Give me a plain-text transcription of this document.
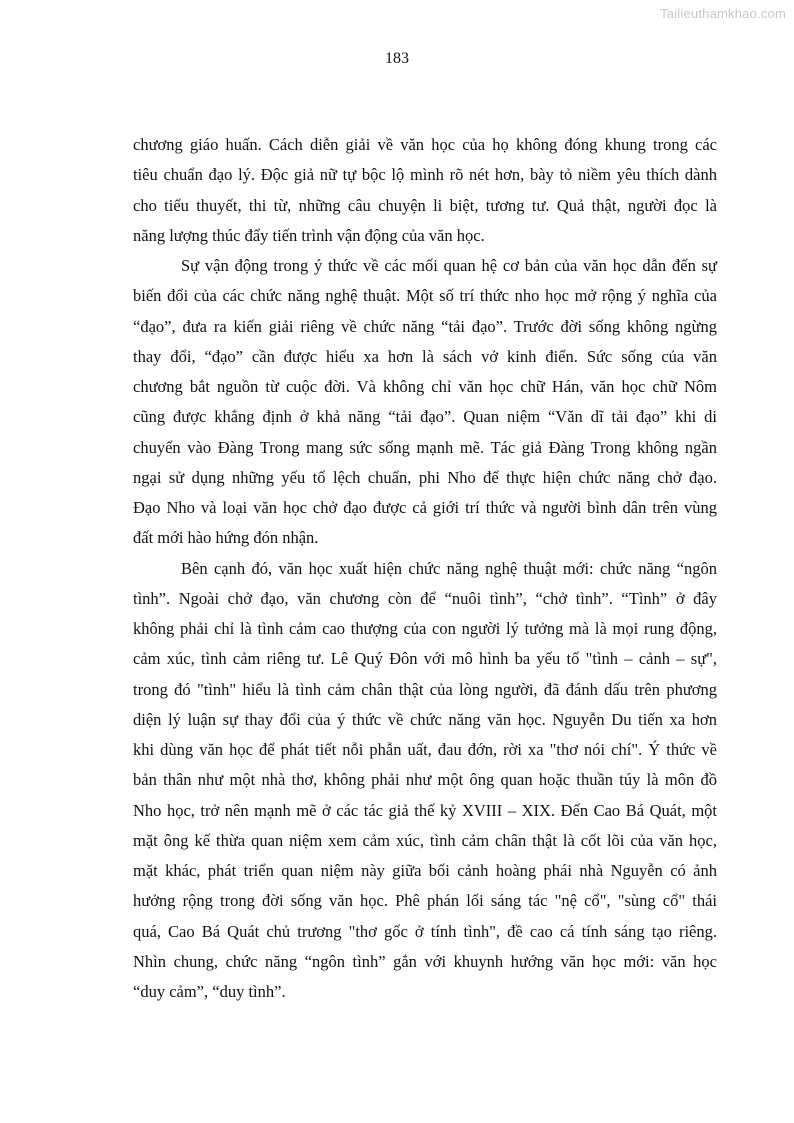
Tailieuthamkhao.com
183
chương giáo huấn. Cách diễn giải về văn học của họ không đóng khung trong các
tiêu chuẩn đạo lý. Độc giả nữ tự bộc lộ mình rõ nét hơn, bày tỏ niềm yêu thích dành
cho tiểu thuyết, thi từ, những câu chuyện li biệt, tương tư. Quả thật, người đọc là
năng lượng thúc đẩy tiến trình vận động của văn học.
Sự vận động trong ý thức về các mối quan hệ cơ bản của văn học dẫn đến sự
biến đổi của các chức năng nghệ thuật. Một số trí thức nho học mở rộng ý nghĩa của
“đạo”, đưa ra kiến giải riêng về chức năng “tải đạo”. Trước đời sống không ngừng
thay đổi, “đạo” cần được hiểu xa hơn là sách vở kinh điển. Sức sống của văn
chương bắt nguồn từ cuộc đời. Và không chỉ văn học chữ Hán, văn học chữ Nôm
cũng được khẳng định ở khả năng “tải đạo”. Quan niệm “Văn dĩ tải đạo” khi di
chuyển vào Đàng Trong mang sức sống mạnh mẽ. Tác giả Đàng Trong không ngần
ngại sử dụng những yếu tố lệch chuẩn, phi Nho để thực hiện chức năng chở đạo.
Đạo Nho và loại văn học chở đạo được cả giới trí thức và người bình dân trên vùng
đất mới hào hứng đón nhận.
Bên cạnh đó, văn học xuất hiện chức năng nghệ thuật mới: chức năng “ngôn
tình”. Ngoài chở đạo, văn chương còn để “nuôi tình”, “chở tình”. “Tình” ở đây
không phải chỉ là tình cảm cao thượng của con người lý tưởng mà là mọi rung động,
cảm xúc, tình cảm riêng tư. Lê Quý Đôn với mô hình ba yếu tố "tình – cảnh – sự",
trong đó "tình" hiểu là tình cảm chân thật của lòng người, đã đánh dấu trên phương
diện lý luận sự thay đổi của ý thức về chức năng văn học. Nguyễn Du tiến xa hơn
khi dùng văn học để phát tiết nỗi phẫn uất, đau đớn, rời xa "thơ nói chí". Ý thức về
bản thân như một nhà thơ, không phải như một ông quan hoặc thuần túy là môn đồ
Nho học, trở nên mạnh mẽ ở các tác giả thế kỷ XVIII – XIX. Đến Cao Bá Quát, một
mặt ông kế thừa quan niệm xem cảm xúc, tình cảm chân thật là cốt lõi của văn học,
mặt khác, phát triển quan niệm này giữa bối cảnh hoàng phái nhà Nguyễn có ảnh
hưởng rộng trong đời sống văn học. Phê phán lối sáng tác "nệ cổ", "sùng cổ" thái
quá, Cao Bá Quát chủ trương "thơ gốc ở tính tình", đề cao cá tính sáng tạo riêng.
Nhìn chung, chức năng “ngôn tình” gắn với khuynh hướng văn học mới: văn học
“duy cảm”, “duy tình”.
